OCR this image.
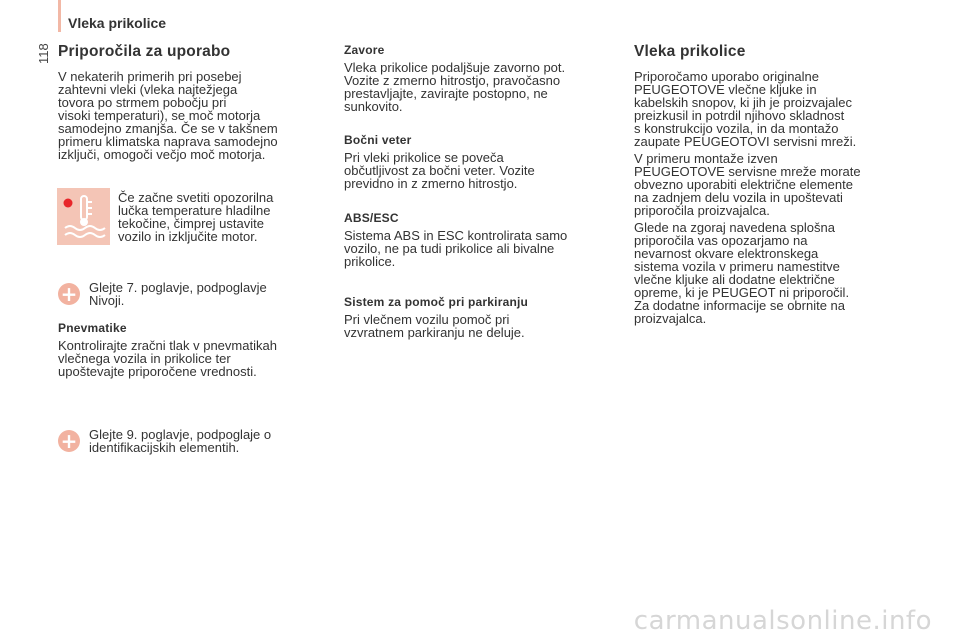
Vleka prikolice
118 Priporočila za uporabo

V nekaterih primerih pri posebej

zahtevni vleki (vleka najtežjega

tovora po strmem pobočju pri

visoki temperaturi), se moč motorja

samodejno zmanjša. Če se v takšnem

primeru klimatska naprava samodejno

izključi, omogoči večjo moč motorja.

Če začne svetiti opozorilna

lučka temperature hladilne

tekočine, čimprej ustavite

vozilo in izključite motor.

+ Glejte 7. poglavje, podpoglavje

Nivoji.

Pnevmatike

Kontrolirajte zračni tlak v pnevmatikah

vlečnega vozila in prikolice ter

upoštevajte priporočene vrednosti.

+ Glejte 9. poglavje, podpoglaje o

identifikacijskih elementih.

Zavore

Vleka prikolice podaljšuje zavorno pot.

Vozite z zmerno hitrostjo, pravočasno

prestavljajte, zavirajte postopno, ne

sunkovito.

Bočni veter

Pri vleki prikolice se poveča

občutljivost za bočni veter. Vozite

previdno in z zmerno hitrostjo.

ABS/ESC

Sistema ABS in ESC kontrolirata samo

vozilo, ne pa tudi prikolice ali bivalne

prikolice.

Sistem za pomoč pri parkiranju

Pri vlečnem vozilu pomoč pri

vzvratnem parkiranju ne deluje.

Vleka prikolice

Priporočamo uporabo originalne

PEUGEOTOVE vlečne kljuke in

kabelskih snopov, ki jih je proizvajalec

preizkusil in potrdil njihovo skladnost

s konstrukcijo vozila, in da montažo

zaupate PEUGEOTOVI servisni mreži.

V primeru montaže izven

PEUGEOTOVE servisne mreže morate

obvezno uporabiti električne elemente

na zadnjem delu vozila in upoštevati

priporočila proizvajalca.

Glede na zgoraj navedena splošna

priporočila vas opozarjamo na

nevarnost okvare elektronskega

sistema vozila v primeru namestitve

vlečne kljuke ali dodatne električne

opreme, ki je PEUGEOT ni priporočil.

Za dodatne informacije se obrnite na

proizvajalca.

carmanualsonline.info
